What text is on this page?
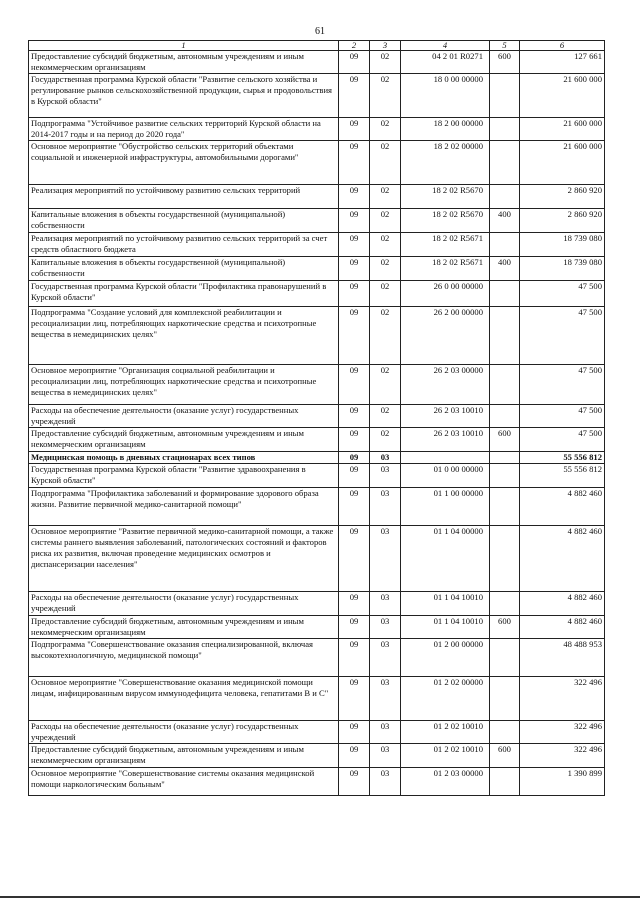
61
1	2	3	4	5	6
Предоставление субсидий бюджетным, автономным учреждениям и иным некоммерческим организациям	09	02	04 2 01 R0271	600	127 661
Государственная программа Курской области "Развитие сельского хозяйства и регулирование рынков сельскохозяйственной продукции, сырья и продовольствия в Курской области"	09	02	18 0 00 00000		21 600 000
Подпрограмма "Устойчивое развитие сельских территорий Курской области на 2014-2017 годы и на период до 2020 года"	09	02	18 2 00 00000		21 600 000
Основное мероприятие "Обустройство сельских территорий объектами социальной и инженерной инфраструктуры, автомобильными дорогами"	09	02	18 2 02 00000		21 600 000
Реализация мероприятий по устойчивому развитию сельских территорий	09	02	18 2 02 R5670		2 860 920
Капитальные вложения в объекты государственной (муниципальной) собственности	09	02	18 2 02 R5670	400	2 860 920
Реализация мероприятий по устойчивому развитию сельских территорий за счет средств областного бюджета	09	02	18 2 02 R5671		18 739 080
Капитальные вложения в объекты государственной (муниципальной) собственности	09	02	18 2 02 R5671	400	18 739 080
Государственная программа Курской области "Профилактика правонарушений в Курской области"	09	02	26 0 00 00000		47 500
Подпрограмма "Создание условий для комплексной реабилитации и ресоциализации лиц, потребляющих наркотические средства и психотропные вещества в немедицинских целях"	09	02	26 2 00 00000		47 500
Основное мероприятие "Организация социальной реабилитации и ресоциализации лиц, потребляющих наркотические средства и психотропные вещества в немедицинских целях"	09	02	26 2 03 00000		47 500
Расходы на обеспечение деятельности (оказание услуг) государственных учреждений	09	02	26 2 03 10010		47 500
Предоставление субсидий бюджетным, автономным учреждениям и иным некоммерческим организациям	09	02	26 2 03 10010	600	47 500
Медицинская помощь в дневных стационарах всех типов	09	03			55 556 812
Государственная программа Курской области "Развитие здравоохранения в Курской области"	09	03	01 0 00 00000		55 556 812
Подпрограмма "Профилактика заболеваний и формирование здорового образа жизни. Развитие первичной медико-санитарной помощи"	09	03	01 1 00 00000		4 882 460
Основное мероприятие "Развитие первичной медико-санитарной помощи, а также системы раннего выявления заболеваний, патологических состояний и факторов риска их развития, включая проведение медицинских осмотров и диспансеризации населения"	09	03	01 1 04 00000		4 882 460
Расходы на обеспечение деятельности (оказание услуг) государственных учреждений	09	03	01 1 04 10010		4 882 460
Предоставление субсидий бюджетным, автономным учреждениям и иным некоммерческим организациям	09	03	01 1 04 10010	600	4 882 460
Подпрограмма "Совершенствование оказания специализированной, включая высокотехнологичную, медицинской помощи"	09	03	01 2 00 00000		48 488 953
Основное мероприятие "Совершенствование оказания медицинской помощи лицам, инфицированным вирусом иммунодефицита человека, гепатитами B и C"	09	03	01 2 02 00000		322 496
Расходы на обеспечение деятельности (оказание услуг) государственных учреждений	09	03	01 2 02 10010		322 496
Предоставление субсидий бюджетным, автономным учреждениям и иным некоммерческим организациям	09	03	01 2 02 10010	600	322 496
Основное мероприятие "Совершенствование системы оказания медицинской помощи наркологическим больным"	09	03	01 2 03 00000		1 390 899
